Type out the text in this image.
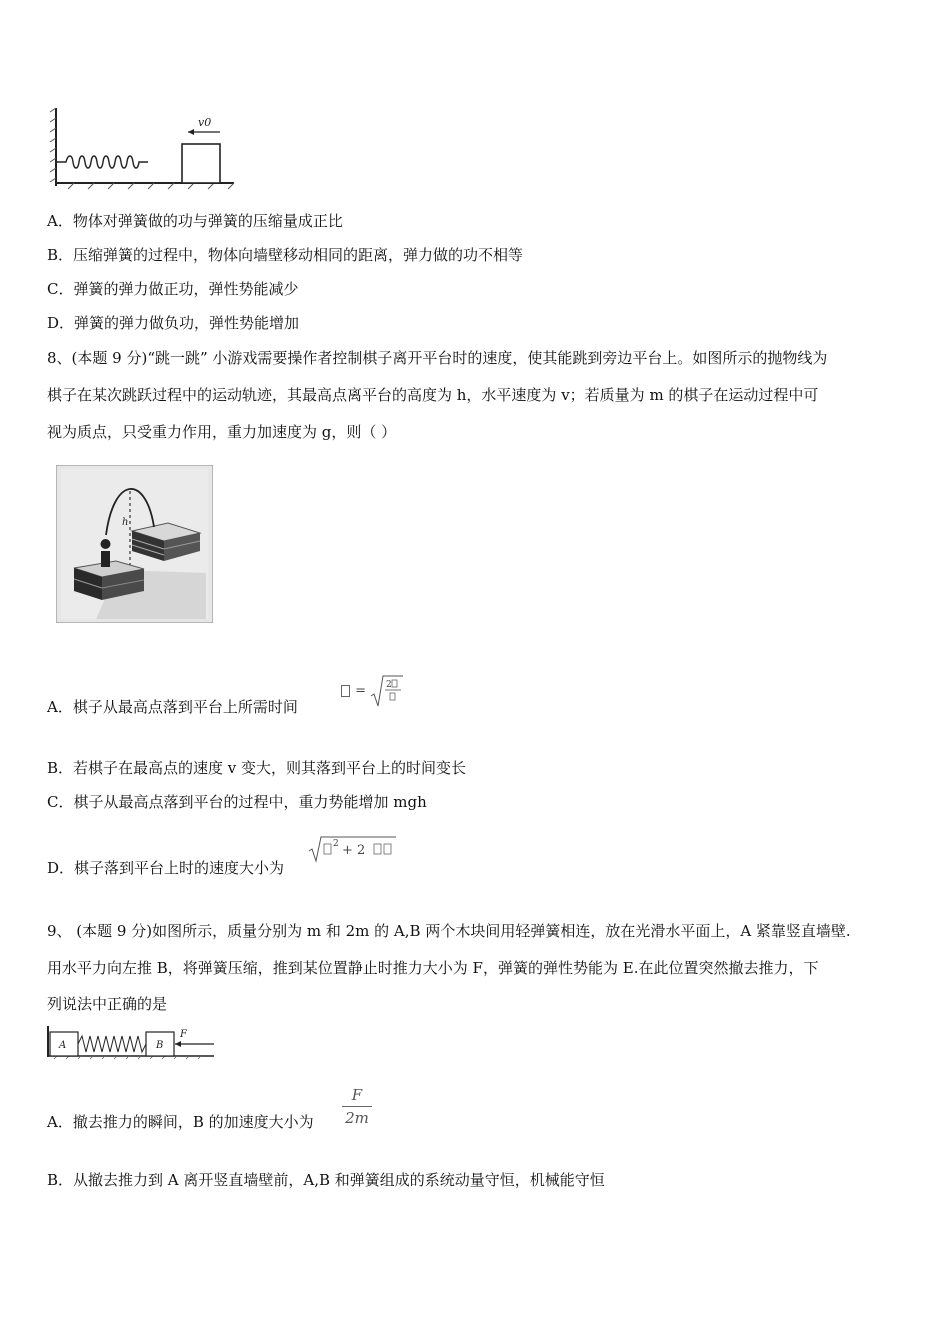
v0
A．物体对弹簧做的功与弹簧的压缩量成正比
B．压缩弹簧的过程中，物体向墙壁移动相同的距离，弹力做的功不相等
C．弹簧的弹力做正功，弹性势能减少
D．弹簧的弹力做负功，弹性势能增加
8、(本题 9 分)“跳一跳” 小游戏需要操作者控制棋子离开平台时的速度，使其能跳到旁边平台上。如图所示的抛物线为
棋子在某次跳跃过程中的运动轨迹，其最高点离平台的高度为 h，水平速度为 v；若质量为 m 的棋子在运动过程中可
视为质点，只受重力作用，重力加速度为 g，则（ ）
h
A．棋子从最高点落到平台上所需时间
= 2
B．若棋子在最高点的速度 v 变大，则其落到平台上的时间变长
C．棋子从最高点落到平台的过程中，重力势能增加 mgh
D．棋子落到平台上时的速度大小为
2 + 2
9、 (本题 9 分)如图所示，质量分别为 m 和 2m 的 A,B 两个木块间用轻弹簧相连，放在光滑水平面上，A 紧靠竖直墙壁.
用水平力向左推 B，将弹簧压缩，推到某位置静止时推力大小为 F，弹簧的弹性势能为 E.在此位置突然撤去推力，下
列说法中正确的是
A	B
F
A．撤去推力的瞬间，B 的加速度大小为
F
2m
B．从撤去推力到 A 离开竖直墙壁前，A,B 和弹簧组成的系统动量守恒，机械能守恒
